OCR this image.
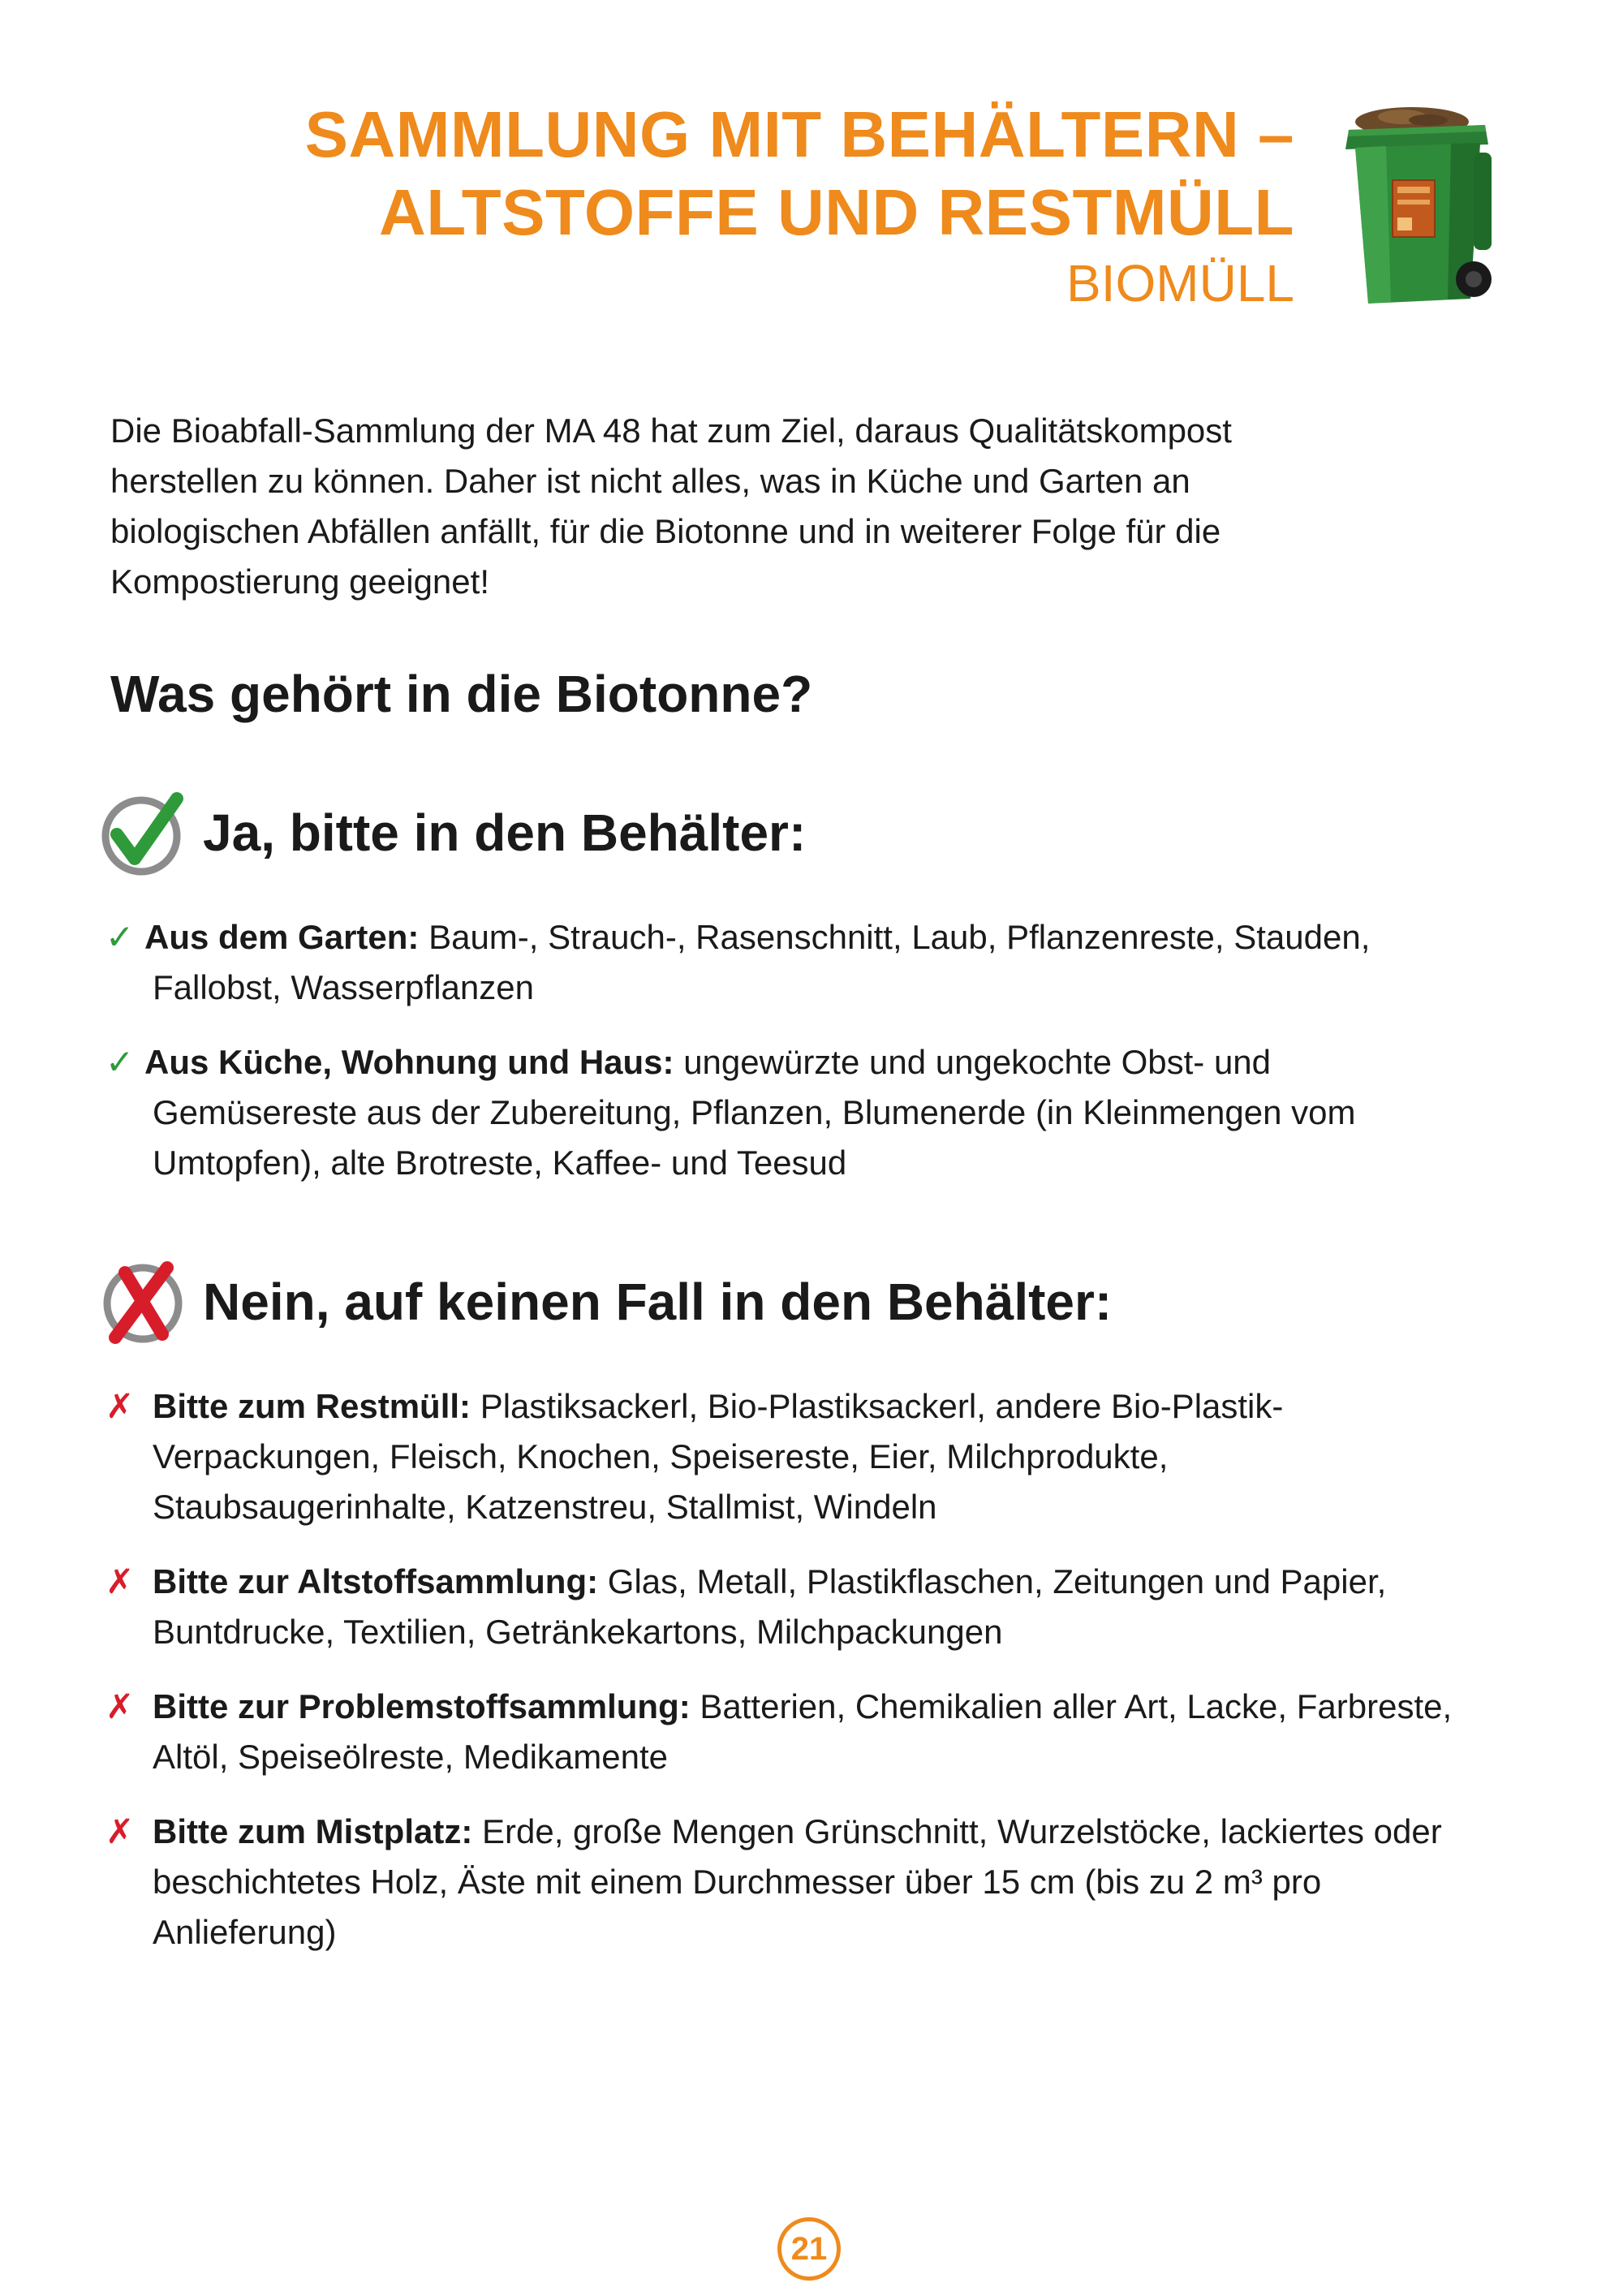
SAMMLUNG MIT BEHÄLTERN –
ALTSTOFFE UND RESTMÜLL
BIOMÜLL

Die Bioabfall-Sammlung der MA 48 hat zum Ziel, daraus Qualitätskompost herstellen zu können. Daher ist nicht alles, was in Küche und Garten an biologischen Abfällen anfällt, für die Biotonne und in weiterer Folge für die Kompostierung geeignet!

Was gehört in die Biotonne?
Ja, bitte in den Behälter:
✓ Aus dem Garten: Baum-, Strauch-, Rasenschnitt, Laub, Pflanzenreste, Stauden, Fallobst, Wasserpflanzen
✓ Aus Küche, Wohnung und Haus: ungewürzte und ungekochte Obst- und Gemüsereste aus der Zubereitung, Pflanzen, Blumenerde (in Kleinmengen vom Umtopfen), alte Brotreste, Kaffee- und Teesud
Nein, auf keinen Fall in den Behälter:
✗ Bitte zum Restmüll: Plastiksackerl, Bio-Plastiksackerl, andere Bio-Plastik-Verpackungen, Fleisch, Knochen, Speisereste, Eier, Milchprodukte, Staubsaugerinhalte, Katzenstreu, Stallmist, Windeln
✗ Bitte zur Altstoffsammlung: Glas, Metall, Plastikflaschen, Zeitungen und Papier, Buntdrucke, Textilien, Getränkekartons, Milchpackungen
✗ Bitte zur Problemstoffsammlung: Batterien, Chemikalien aller Art, Lacke, Farbreste, Altöl, Speiseölreste, Medikamente
✗ Bitte zum Mistplatz: Erde, große Mengen Grünschnitt, Wurzelstöcke, lackiertes oder beschichtetes Holz, Äste mit einem Durchmesser über 15 cm (bis zu 2 m³ pro Anlieferung)
21
